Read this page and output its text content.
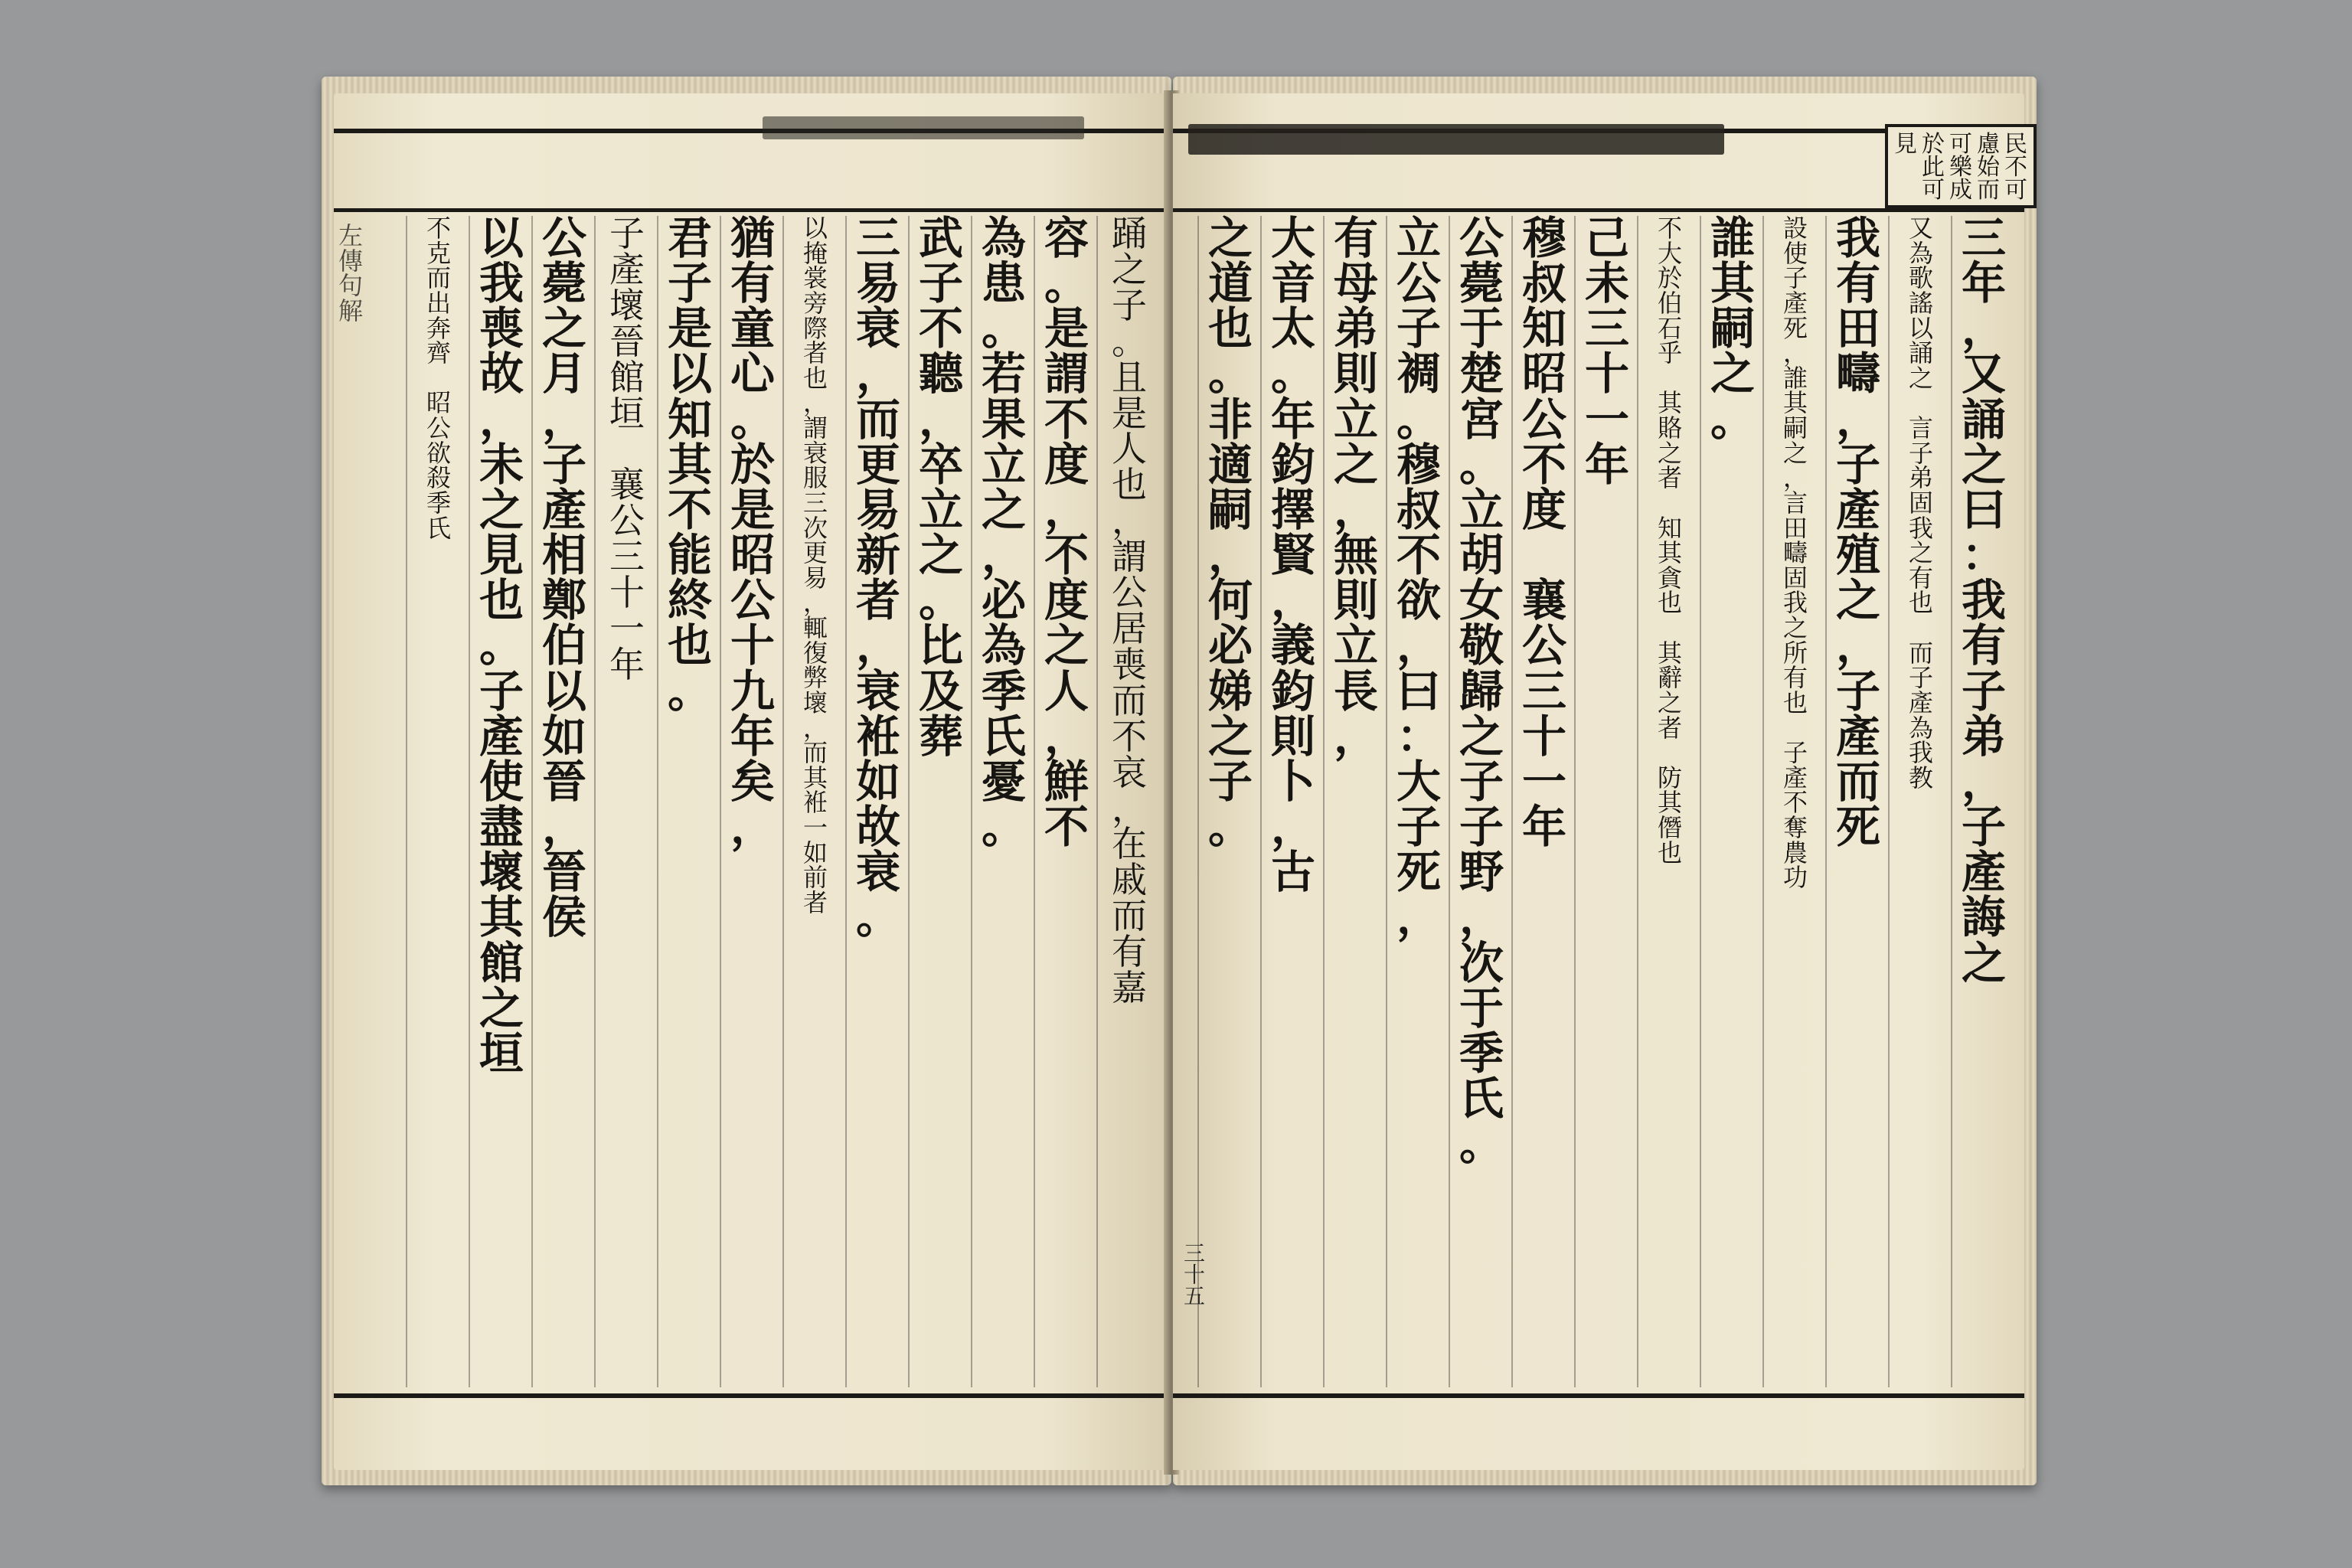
踊
之
子
。
且
是
人
也
，
謂
公
居
喪
而
不
哀
，
在
戚
而
有
嘉
容
。
是
謂
不
度
，
不
度
之
人
，
鮮
不
為
患
。
若
果
立
之
，
必
為
季
氏
憂
。
武
子
不
聽
，
卒
立
之
。
比
及
葬
三
易
衰
，
而
更
易
新
者
，
衰
袵
如
故
衰
。
以
掩
裳
旁
際
者
也
，
謂
衰
服
三
次
更
易
，
輒
復
弊
壞
，
而
其
袵
一
如
前
者
猶
有
童
心
。
於
是
昭
公
十
九
年
矣
，
君
子
是
以
知
其
不
能
終
也
。
子
產
壞
晉
館
垣

襄
公
三
十
一
年
公
薨
之
月
，
子
產
相
鄭
伯
以
如
晉
，
晉
侯
以
我
喪
故
，
未
之
見
也
。
子
產
使
盡
壞
其
館
之
垣
不
克
而
出
奔
齊

昭
公
欲
殺
季
氏
左
傳
句
解
民
不
可
慮
始
而
可
樂
成
於
此
可
見
三
年
，
又
誦
之
曰
：
我
有
子
弟
，
子
產
誨
之
又
為
歌
謠
以
誦
之

言
子
弟
固
我
之
有
也

而
子
產
為
我
教
我
有
田
疇
，
子
產
殖
之
，
子
產
而
死
設
使
子
產
死
，
誰
其
嗣
之
，
言
田
疇
固
我
之
所
有
也

子
產
不
奪
農
功
誰
其
嗣
之
。
不
大
於
伯
石
乎

其
賂
之
者

知
其
貪
也

其
辭
之
者

防
其
僭
也
己
未
三
十
一
年
穆
叔
知
昭
公
不
度

襄
公
三
十
一
年
公
薨
于
楚
宮
。
立
胡
女
敬
歸
之
子
子
野
，
次
于
季
氏
。
立
公
子
裯
。
穆
叔
不
欲
，
曰
：
大
子
死
，
有
母
弟
則
立
之
，
無
則
立
長
，
大
音
太
。
年
鈞
擇
賢
，
義
鈞
則
卜
，
古
之
道
也
。
非
適
嗣
，
何
必
娣
之
子
。
三十五
